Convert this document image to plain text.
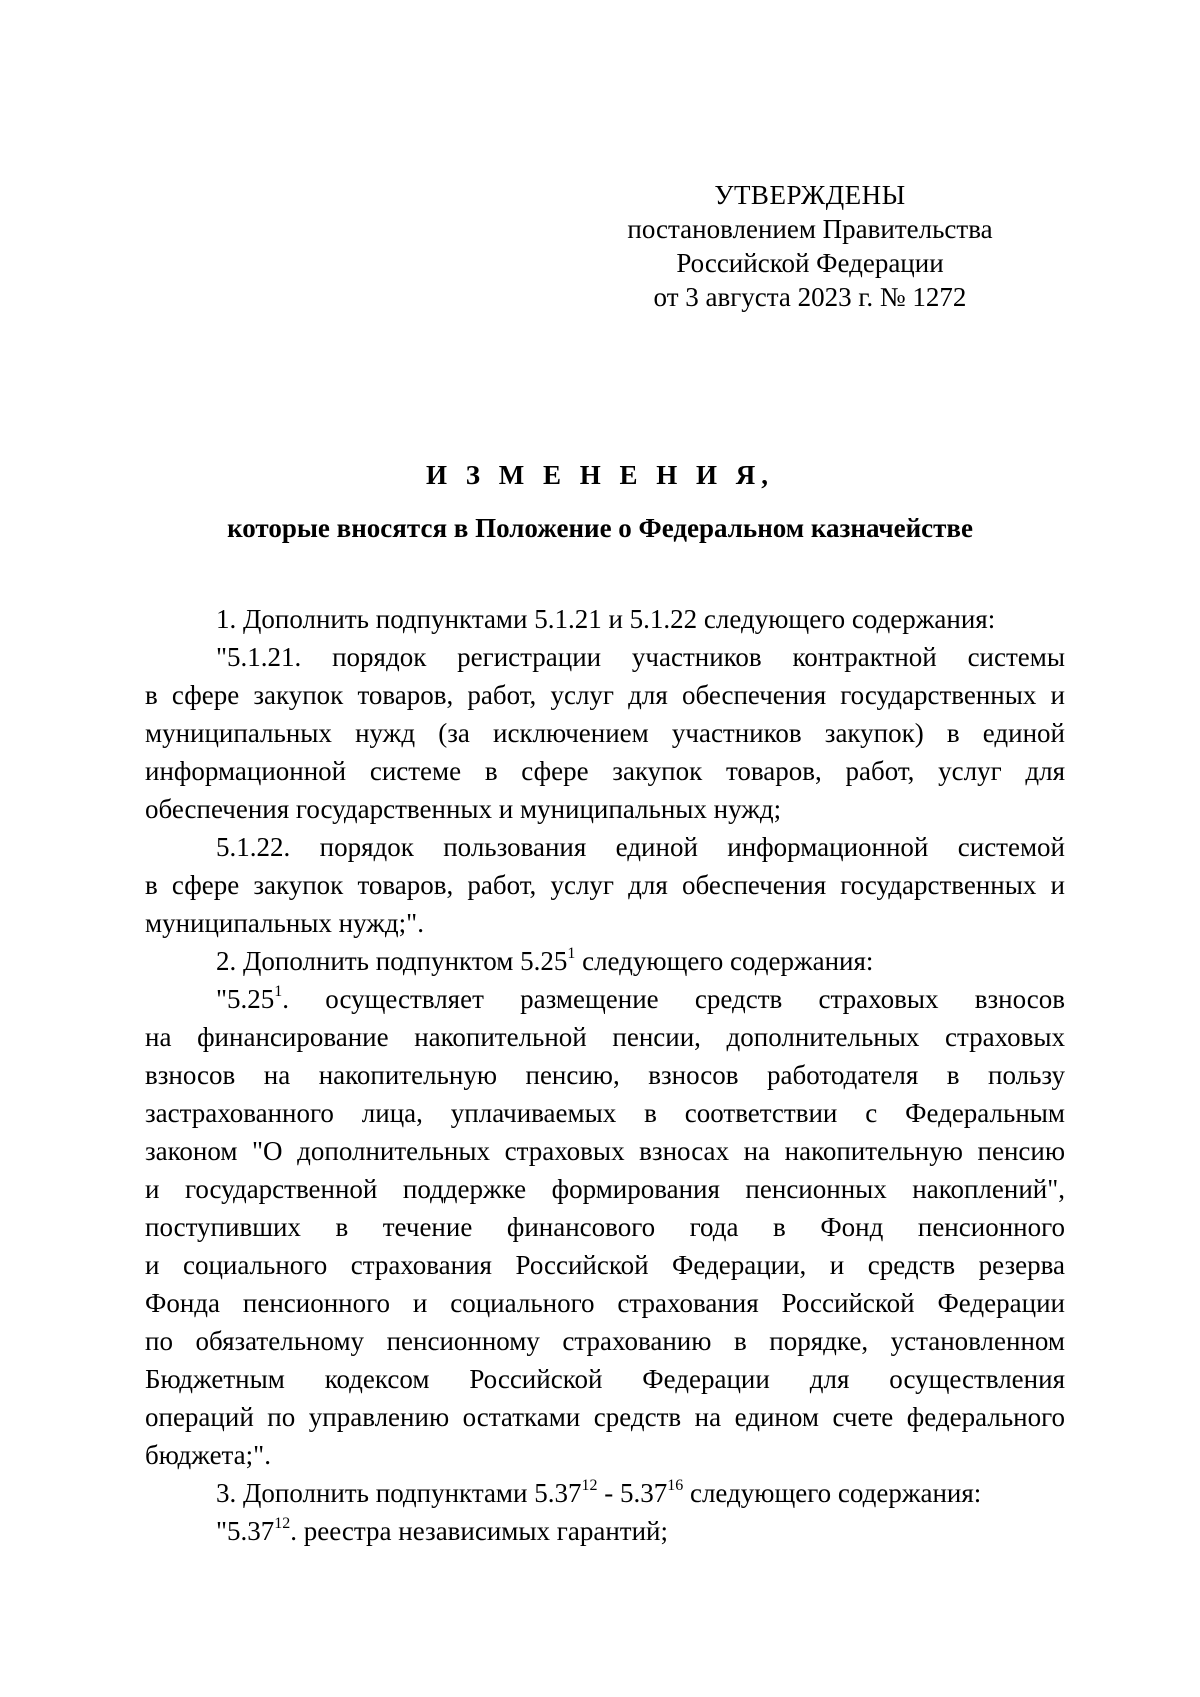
УТВЕРЖДЕНЫ
постановлением Правительства
Российской Федерации
от 3 августа 2023 г. № 1272
И З М Е Н Е Н И Я,
которые вносятся в Положение о Федеральном казначействе
1. Дополнить подпунктами 5.1.21 и 5.1.22 следующего содержания:
"5.1.21. порядок регистрации участников контрактной системы
в сфере закупок товаров, работ, услуг для обеспечения государственных и
муниципальных нужд (за исключением участников закупок) в единой
информационной системе в сфере закупок товаров, работ, услуг для
обеспечения государственных и муниципальных нужд;
5.1.22. порядок пользования единой информационной системой
в сфере закупок товаров, работ, услуг для обеспечения государственных и
муниципальных нужд;".
2. Дополнить подпунктом 5.25$^1$ следующего содержания:
"5.25$^1$. осуществляет размещение средств страховых взносов
на финансирование накопительной пенсии, дополнительных страховых
взносов на накопительную пенсию, взносов работодателя в пользу
застрахованного лица, уплачиваемых в соответствии с Федеральным
законом "О дополнительных страховых взносах на накопительную пенсию
и государственной поддержке формирования пенсионных накоплений",
поступивших в течение финансового года в Фонд пенсионного
и социального страхования Российской Федерации, и средств резерва
Фонда пенсионного и социального страхования Российской Федерации
по обязательному пенсионному страхованию в порядке, установленном
Бюджетным кодексом Российской Федерации для осуществления
операций по управлению остатками средств на едином счете федерального
бюджета;".
3. Дополнить подпунктами 5.37$^{12}$ - 5.37$^{16}$ следующего содержания:
"5.37$^{12}$. реестра независимых гарантий;
